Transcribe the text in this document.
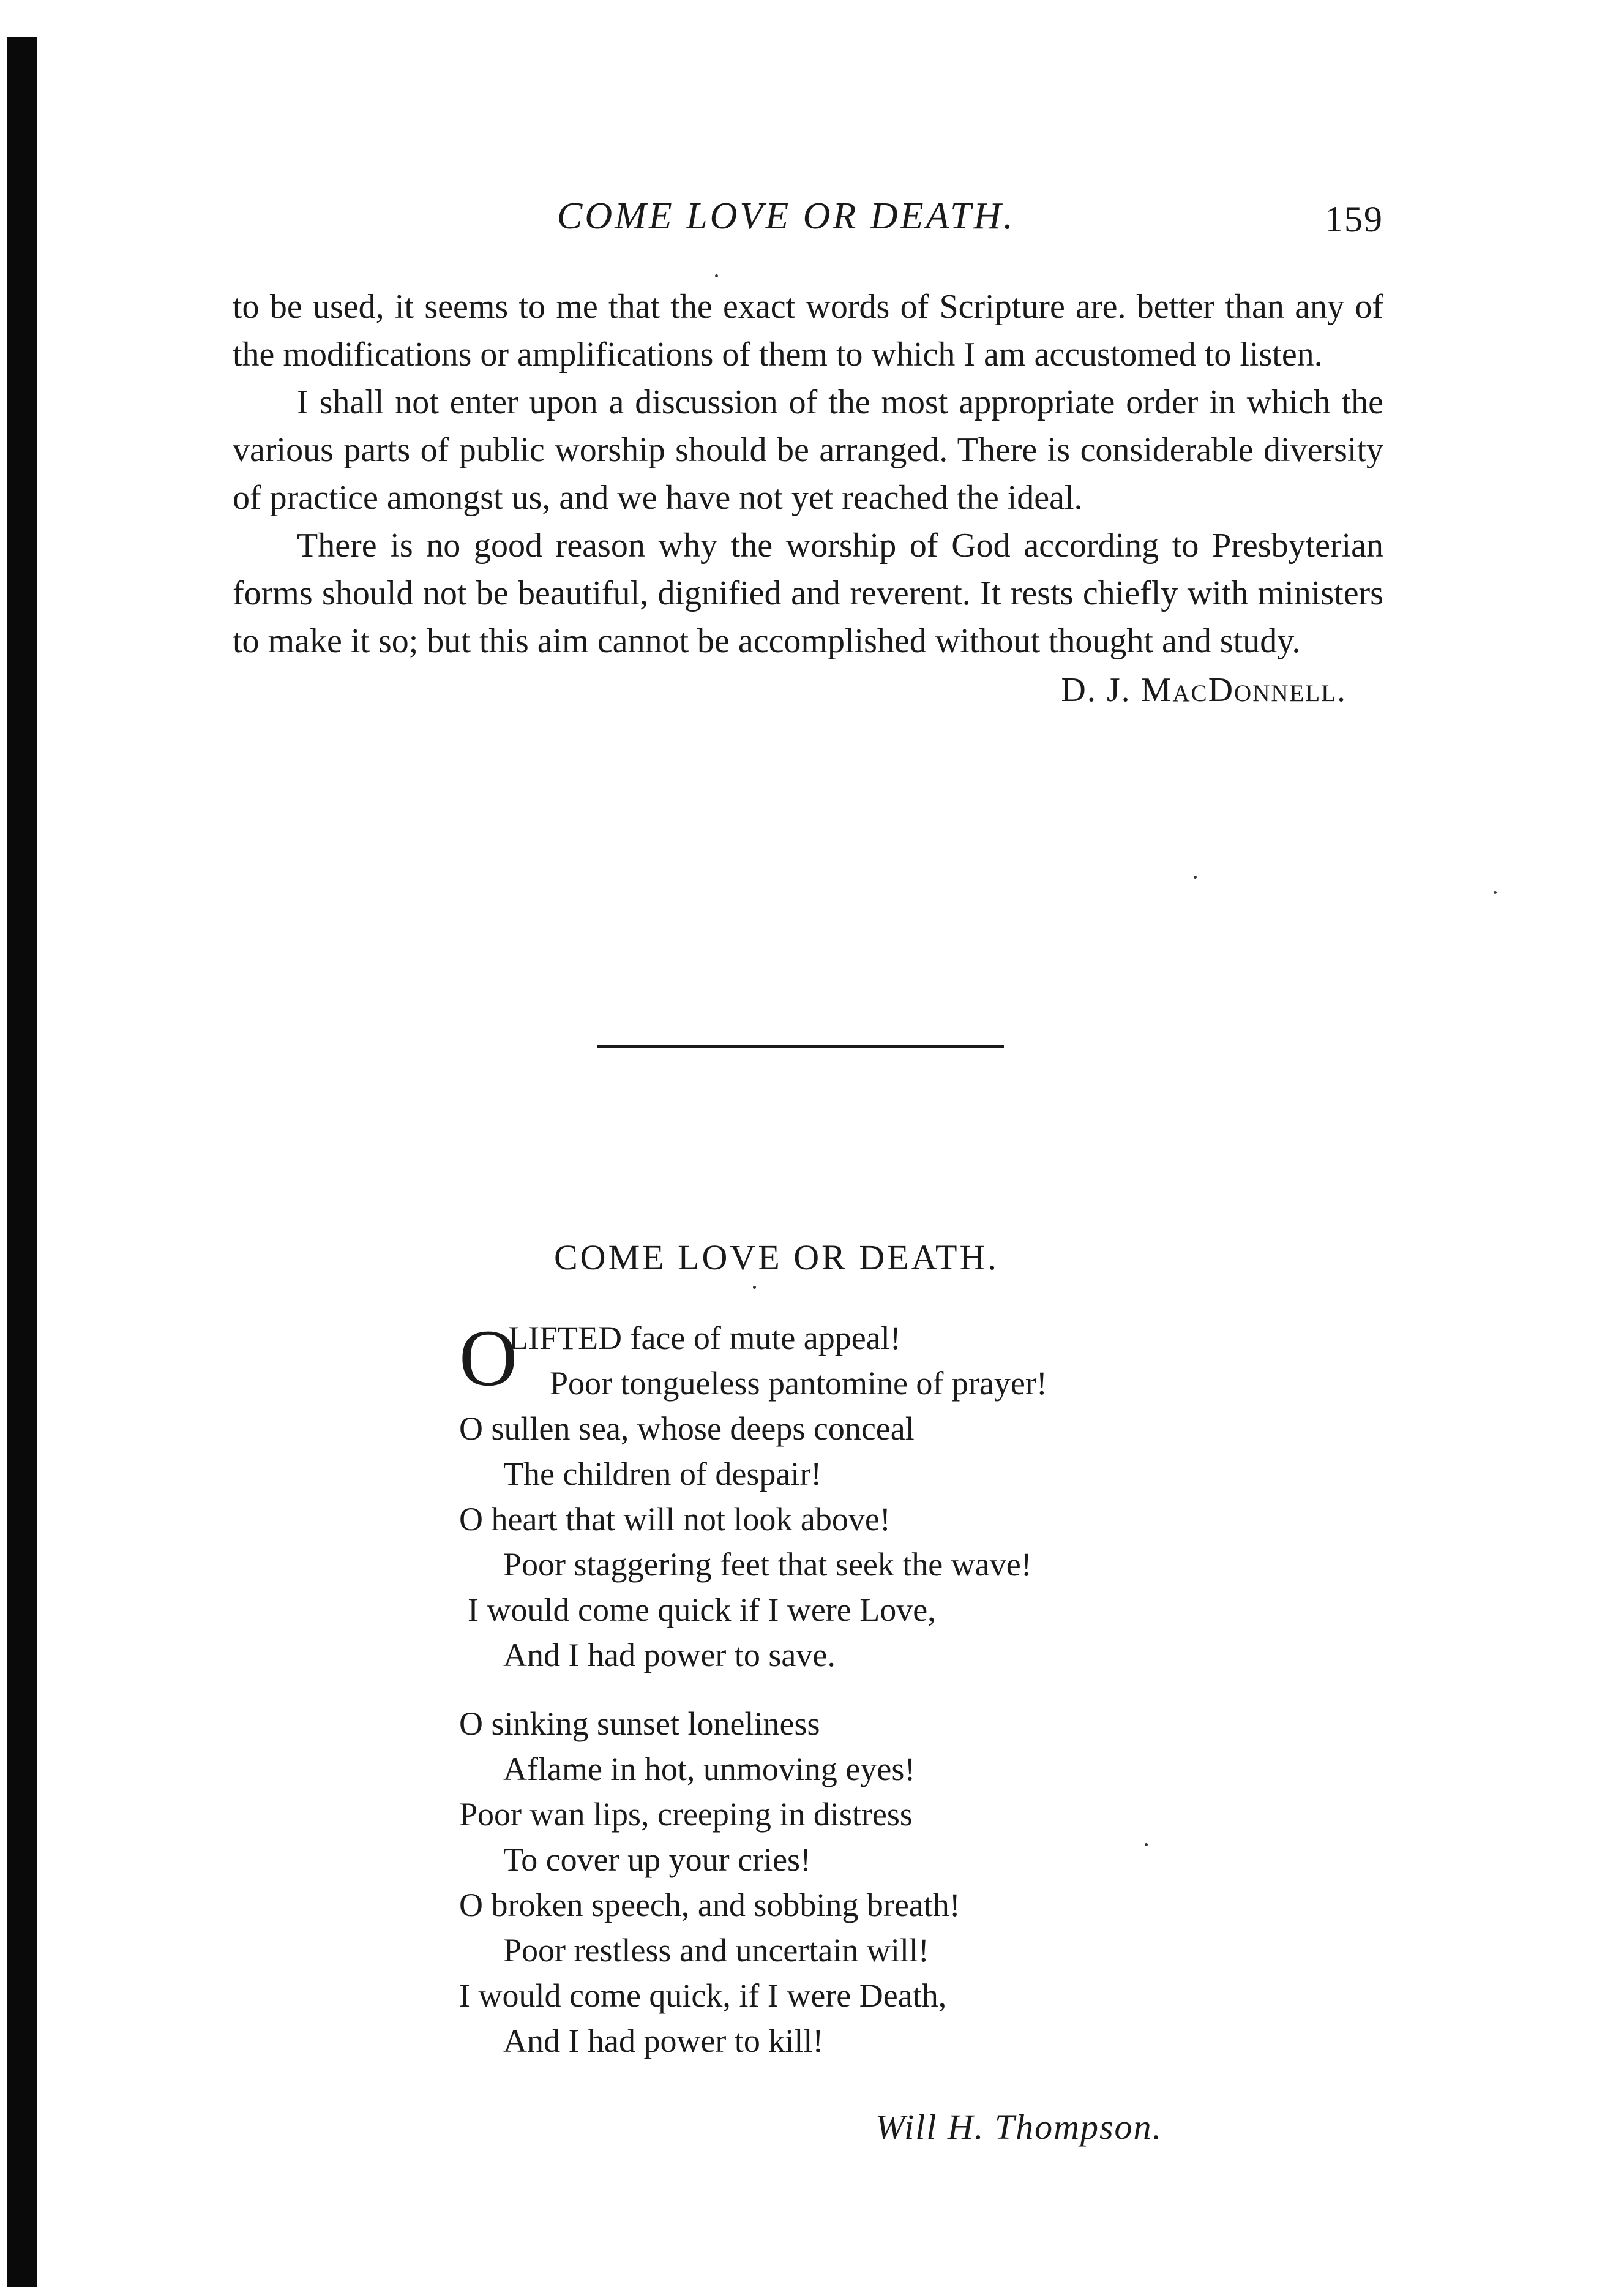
COME LOVE OR DEATH.	159

to be used, it seems to me that the exact words of Scripture are. better than any of the modifications or amplifications of them to which I am accustomed to listen.

I shall not enter upon a discussion of the most appropriate order in which the various parts of public worship should be arranged. There is considerable diversity of practice amongst us, and we have not yet reached the ideal.

There is no good reason why the worship of God according to Presbyterian forms should not be beautiful, dignified and reverent. It rests chiefly with ministers to make it so; but this aim cannot be accomplished without thought and study.

D. J. MacDonnell.
COME LOVE OR DEATH.
O
LIFTED face of mute appeal!
Poor tongueless pantomine of prayer!
O sullen sea, whose deeps conceal
The children of despair!
O heart that will not look above!
Poor staggering feet that seek the wave!
I would come quick if I were Love,
And I had power to save.
O sinking sunset loneliness
Aflame in hot, unmoving eyes!
Poor wan lips, creeping in distress
To cover up your cries!
O broken speech, and sobbing breath!
Poor restless and uncertain will!
I would come quick, if I were Death,
And I had power to kill!
Will H. Thompson.
